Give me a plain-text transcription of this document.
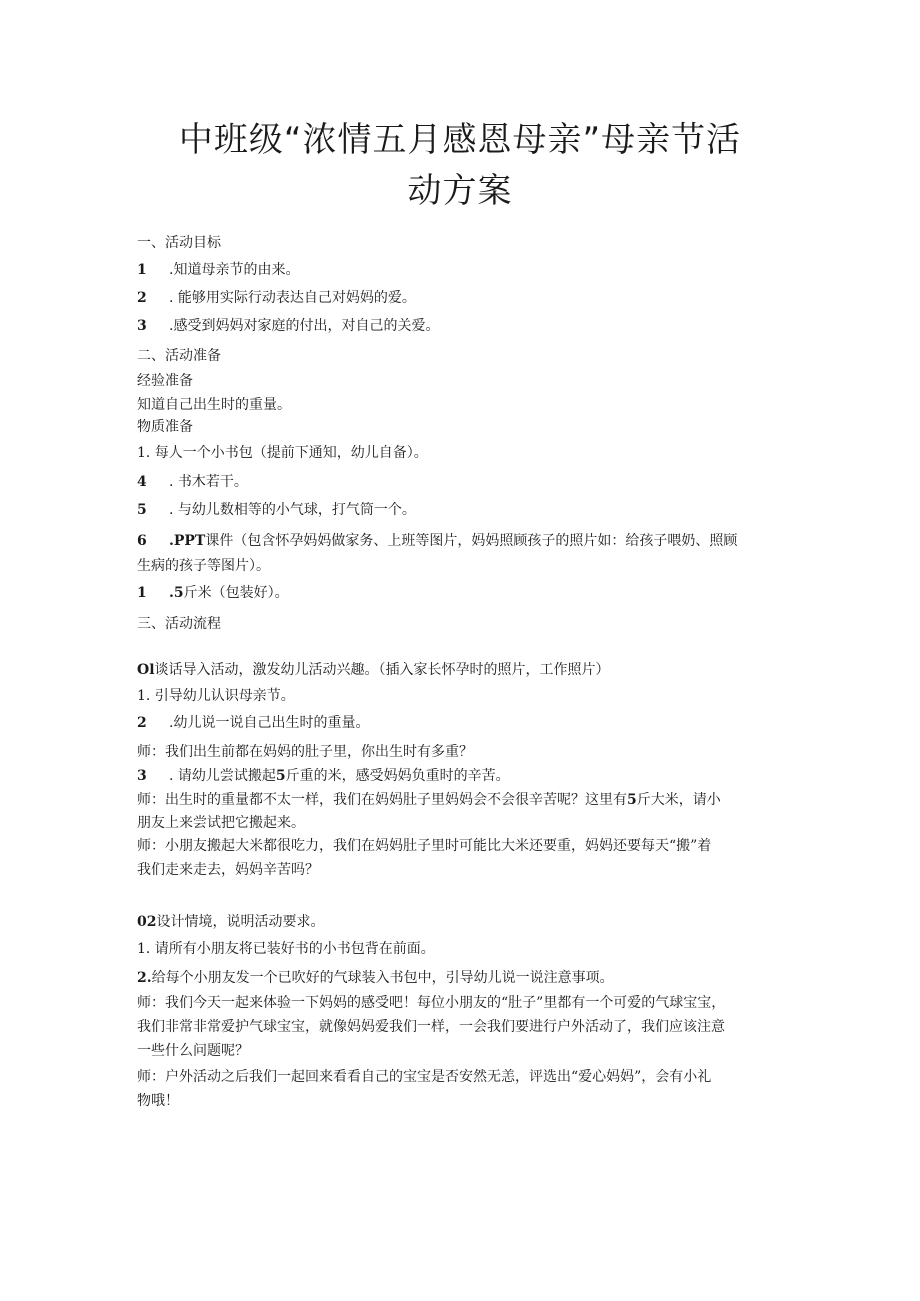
中班级“浓情五月感恩母亲”母亲节活
动方案
一、活动目标
1 .知道母亲节的由来。
2 . 能够用实际行动表达自己对妈妈的爱。
3 .感受到妈妈对家庭的付出，对自己的关爱。
二、活动准备
经验准备
知道自己出生时的重量。
物质准备
1. 每人一个小书包（提前下通知，幼儿自备）。
4 . 书木若干。
5 . 与幼儿数相等的小气球，打气筒一个。
6 .PPT课件（包含怀孕妈妈做家务、上班等图片，妈妈照顾孩子的照片如：给孩子喂奶、照顾
生病的孩子等图片）。
1 .5斤米（包装好）。
三、活动流程
Ol谈话导入活动，激发幼儿活动兴趣。（插入家长怀孕时的照片，工作照片）
1. 引导幼儿认识母亲节。
2 .幼儿说一说自己出生时的重量。
师：我们出生前都在妈妈的肚子里，你出生时有多重？
3 . 请幼儿尝试搬起5斤重的米，感受妈妈负重时的辛苦。
师：出生时的重量都不太一样，我们在妈妈肚子里妈妈会不会很辛苦呢？这里有5斤大米，请小
朋友上来尝试把它搬起来。
师：小朋友搬起大米都很吃力，我们在妈妈肚子里时可能比大米还要重，妈妈还要每天“搬”着
我们走来走去，妈妈辛苦吗？
02设计情境，说明活动要求。
1. 请所有小朋友将已装好书的小书包背在前面。
2.给每个小朋友发一个已吹好的气球装入书包中，引导幼儿说一说注意事项。
师：我们今天一起来体验一下妈妈的感受吧！每位小朋友的“肚子”里都有一个可爱的气球宝宝，
我们非常非常爱护气球宝宝，就像妈妈爱我们一样，一会我们要进行户外活动了，我们应该注意
一些什么问题呢？
师：户外活动之后我们一起回来看看自己的宝宝是否安然无恙，评选出“爱心妈妈”，会有小礼
物哦！
